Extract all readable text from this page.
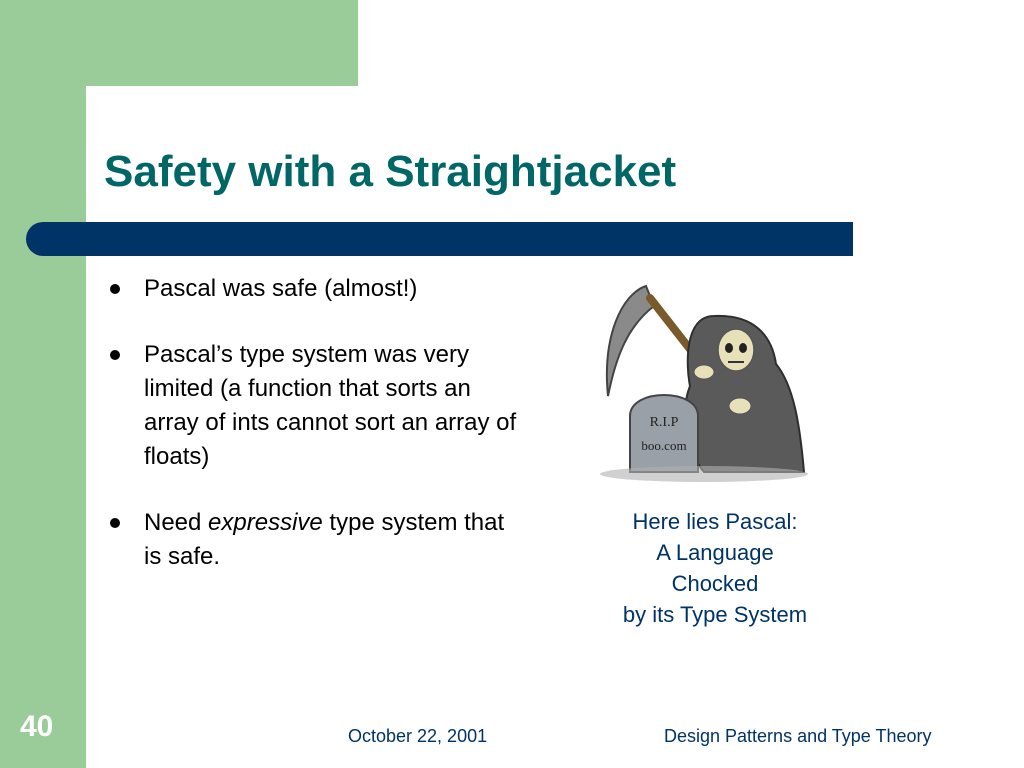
Safety with a Straightjacket
Pascal was safe (almost!)
Pascal’s type system was very limited (a function that sorts an array of ints cannot sort an array of floats)
Need expressive type system that is safe.
R.I.P
boo.com
Here lies Pascal:
A Language
Chocked
by its Type System
40	October 22, 2001	Design Patterns and Type Theory
